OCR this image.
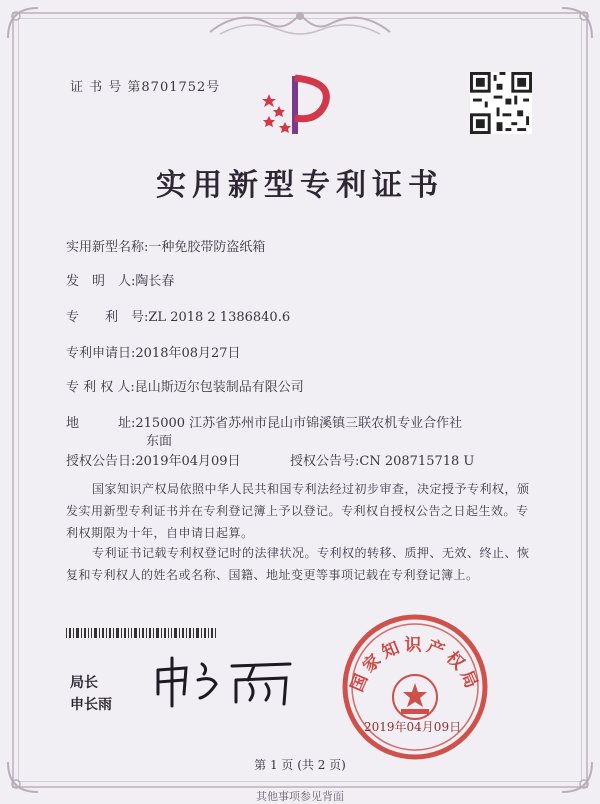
证 书 号 第8701752号
实用新型专利证书
实用新型名称:一种免胶带防盗纸箱
发　明　人:陶长春
专　　利　号:ZL 2018 2 1386840.6
专利申请日:2018年08月27日
专 利 权 人:昆山斯迈尔包装制品有限公司
地　　　址:215000 江苏省苏州市昆山市锦溪镇三联农机专业合作社
东面
授权公告日:2019年04月09日	授权公告号:CN 208715718 U
国家知识产权局依照中华人民共和国专利法经过初步审查，决定授予专利权，颁发实用新型专利证书并在专利登记簿上予以登记。专利权自授权公告之日起生效。专利权期限为十年，自申请日起算。
专利证书记载专利权登记时的法律状况。专利权的转移、质押、无效、终止、恢复和专利权人的姓名或名称、国籍、地址变更等事项记载在专利登记簿上。
局长
申长雨
国家知识产权局
2019年04月09日
第 1 页 (共 2 页)
其他事项参见背面
